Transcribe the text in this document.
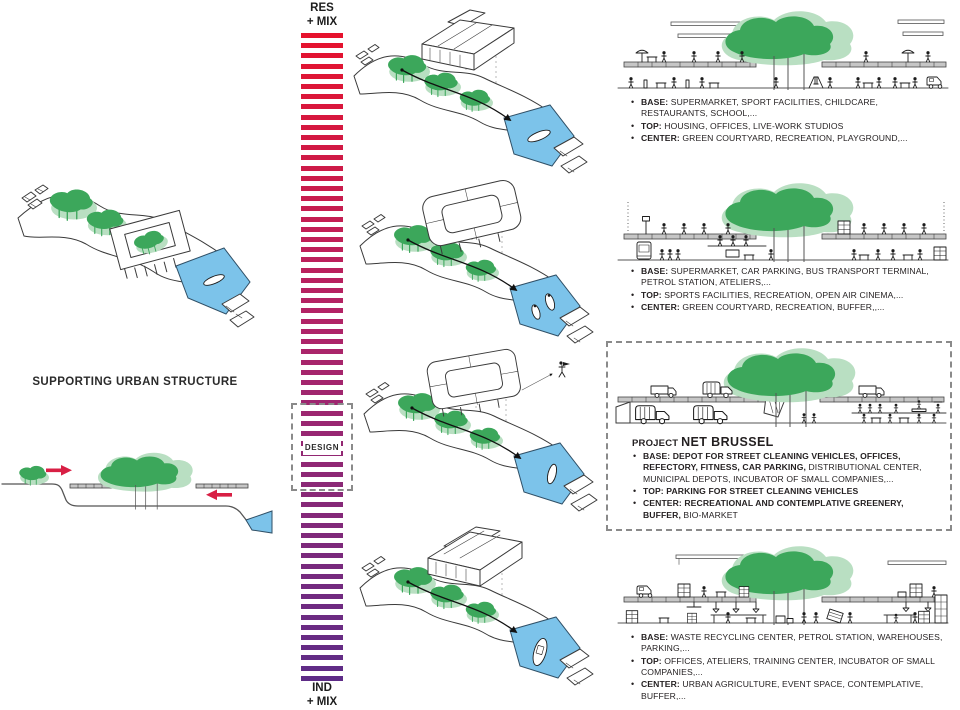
SUPPORTING URBAN STRUCTURE
RES
+ MIX
DESIGN
IND
+ MIX
• BASE: SUPERMARKET, SPORT FACILITIES, CHILDCARE, RESTAURANTS, SCHOOL,...
• TOP: HOUSING, OFFICES, LIVE-WORK STUDIOS
• CENTER: GREEN COURTYARD, RECREATION, PLAYGROUND,...
• BASE: SUPERMARKET, CAR PARKING, BUS TRANSPORT TERMINAL, PETROL STATION, ATELIERS,...
• TOP: SPORTS FACILITIES, RECREATION, OPEN AIR CINEMA,...
• CENTER: GREEN COURTYARD, RECREATION, BUFFER,,...
PROJECT NET BRUSSEL
• BASE: DEPOT FOR STREET CLEANING VEHICLES, OFFICES, REFECTORY, FITNESS, CAR PARKING, DISTRIBUTIONAL CENTER, MUNICIPAL DEPOTS, INCUBATOR OF SMALL COMPANIES,...
• TOP: PARKING FOR STREET CLEANING VEHICLES
• CENTER: RECREATIONAL AND CONTEMPLATIVE GREENERY, BUFFER, BIO-MARKET
• BASE: WASTE RECYCLING CENTER, PETROL STATION, WAREHOUSES, PARKING,...
• TOP: OFFICES, ATELIERS, TRAINING CENTER, INCUBATOR OF SMALL COMPANIES,...
• CENTER: URBAN AGRICULTURE, EVENT SPACE, CONTEMPLATIVE, BUFFER,...
